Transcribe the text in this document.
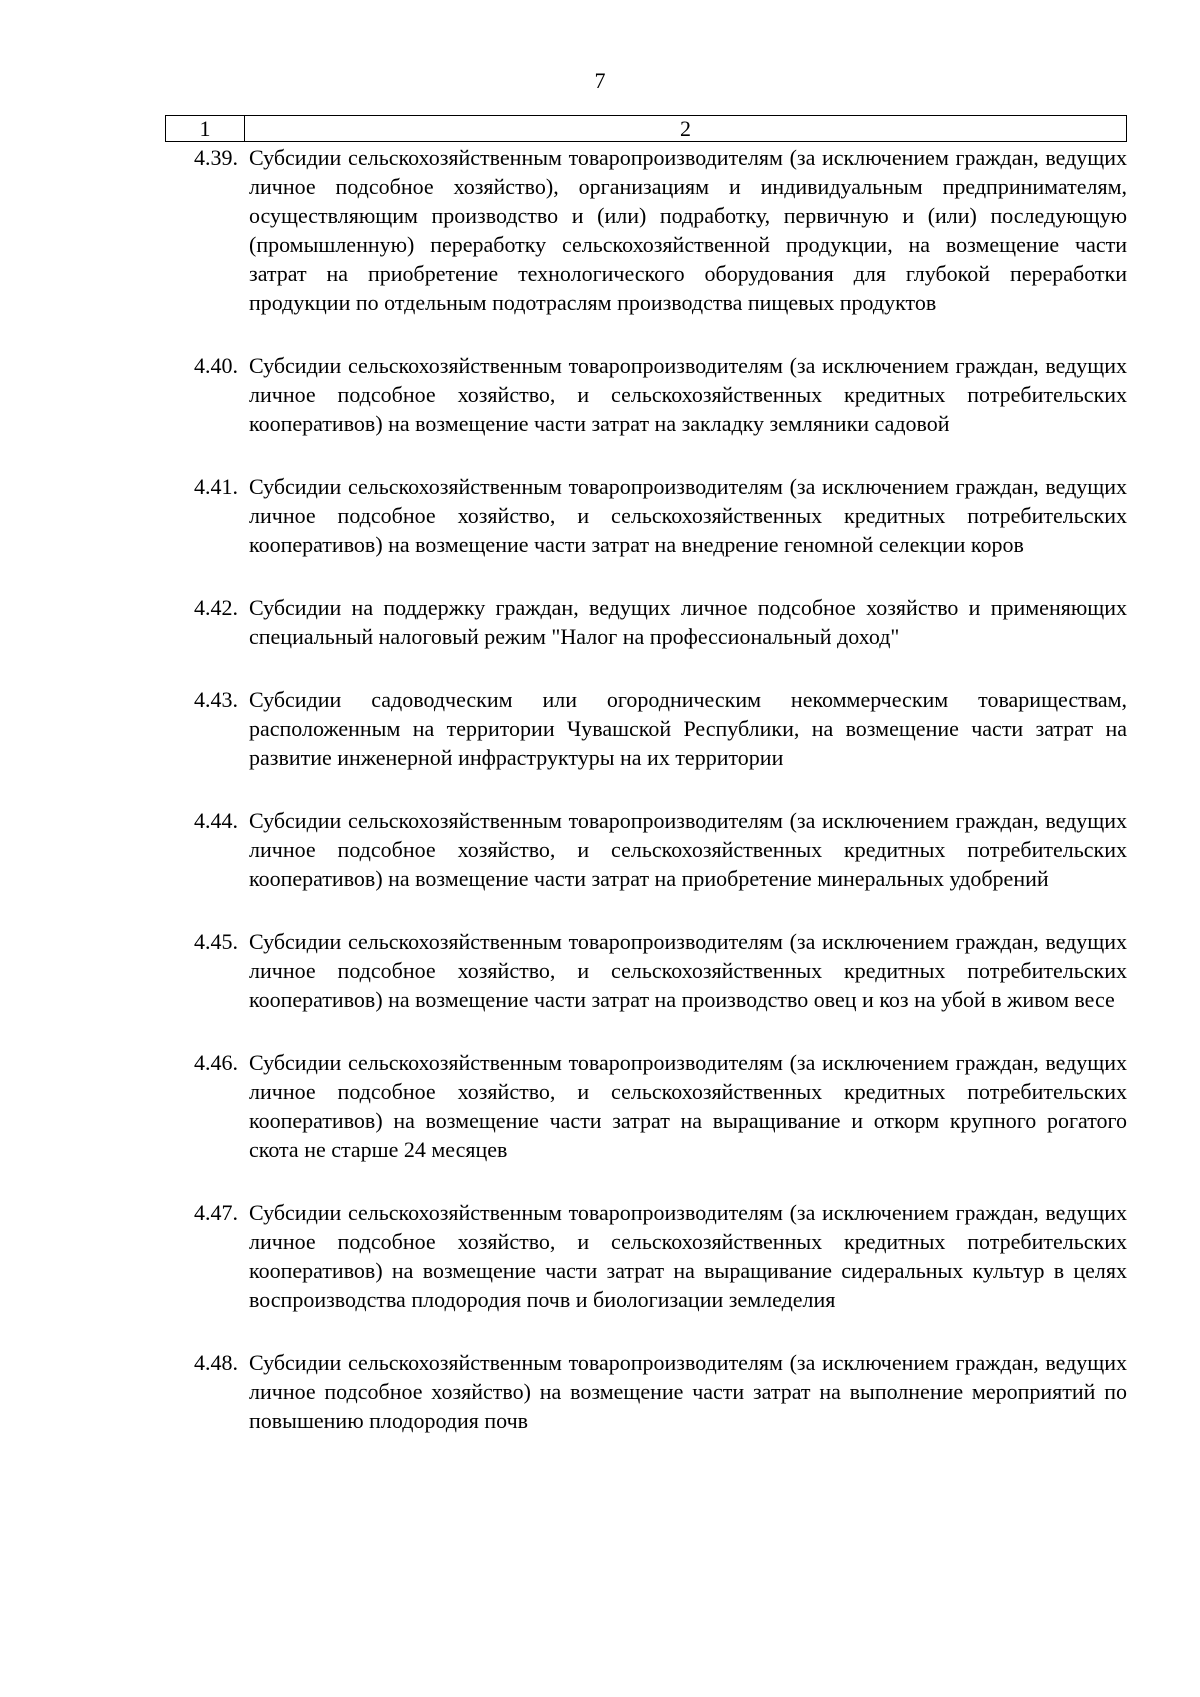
7
1	2
4.39. Субсидии сельскохозяйственным товаропроизводителям (за исключением граждан, ведущих личное подсобное хозяйство), организациям и индивидуальным предпринимателям, осуществляющим производство и (или) подработку, первичную и (или) последующую (промышленную) переработку сельскохозяйственной продукции, на возмещение части затрат на приобретение технологического оборудования для глубокой переработки продукции по отдельным подотраслям производства пищевых продуктов
4.40. Субсидии сельскохозяйственным товаропроизводителям (за исключением граждан, ведущих личное подсобное хозяйство, и сельскохозяйственных кредитных потребительских кооперативов) на возмещение части затрат на закладку земляники садовой
4.41. Субсидии сельскохозяйственным товаропроизводителям (за исключением граждан, ведущих личное подсобное хозяйство, и сельскохозяйственных кредитных потребительских кооперативов) на возмещение части затрат на внедрение геномной селекции коров
4.42. Субсидии на поддержку граждан, ведущих личное подсобное хозяйство и применяющих специальный налоговый режим "Налог на профессиональный доход"
4.43. Субсидии садоводческим или огородническим некоммерческим товариществам, расположенным на территории Чувашской Республики, на возмещение части затрат на развитие инженерной инфраструктуры на их территории
4.44. Субсидии сельскохозяйственным товаропроизводителям (за исключением граждан, ведущих личное подсобное хозяйство, и сельскохозяйственных кредитных потребительских кооперативов) на возмещение части затрат на приобретение минеральных удобрений
4.45. Субсидии сельскохозяйственным товаропроизводителям (за исключением граждан, ведущих личное подсобное хозяйство, и сельскохозяйственных кредитных потребительских кооперативов) на возмещение части затрат на производство овец и коз на убой в живом весе
4.46. Субсидии сельскохозяйственным товаропроизводителям (за исключением граждан, ведущих личное подсобное хозяйство, и сельскохозяйственных кредитных потребительских кооперативов) на возмещение части затрат на выращивание и откорм крупного рогатого скота не старше 24 месяцев
4.47. Субсидии сельскохозяйственным товаропроизводителям (за исключением граждан, ведущих личное подсобное хозяйство, и сельскохозяйственных кредитных потребительских кооперативов) на возмещение части затрат на выращивание сидеральных культур в целях воспроизводства плодородия почв и биологизации земледелия
4.48. Субсидии сельскохозяйственным товаропроизводителям (за исключением граждан, ведущих личное подсобное хозяйство) на возмещение части затрат на выполнение мероприятий по повышению плодородия почв
